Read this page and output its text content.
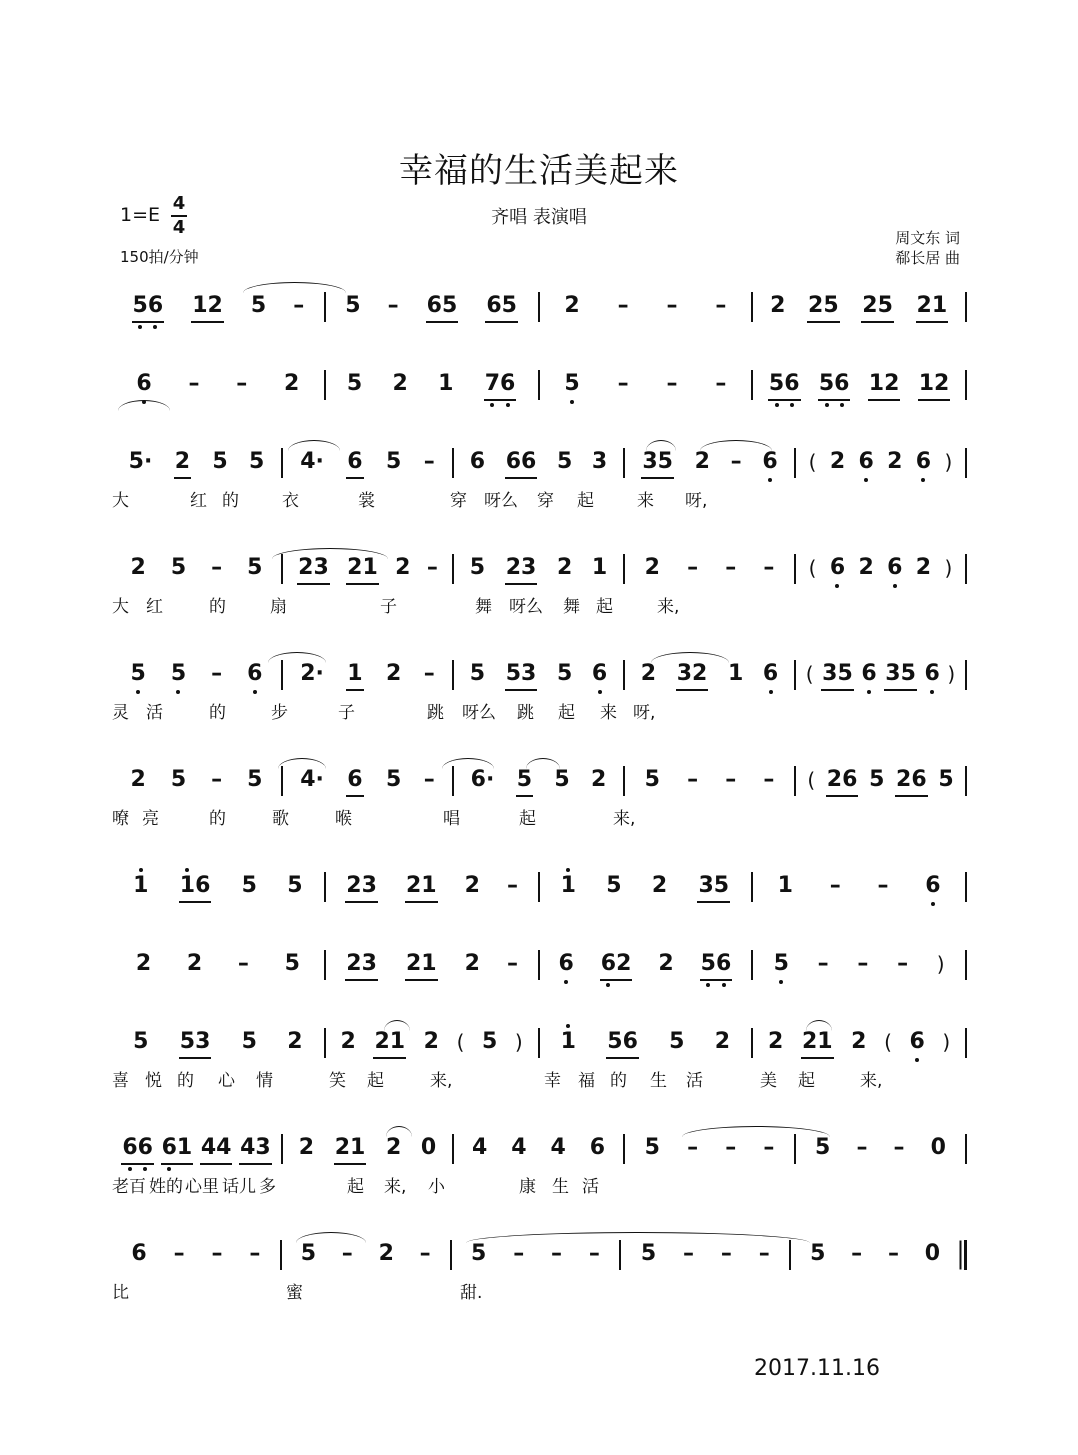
幸福的生活美起来
齐唱 表演唱
1=E
4
4
150拍/分钟
周文东 词
郗长居 曲
5 6 1 2 5 – 5 – 6 5 6 5 2 – – – 2 2 5 2 5 2 1
6 – – 2 5 2 1 7 6 5 – – – 5 6 5 6 1 2 1 2
5· 2 5 5 4· 6 5 – 6 6 6 5 3 3 5 2 – 6 ( 2 6 2 6 )
大	红 的	衣	裳	穿 呀么 穿 起	来 呀,
2 5 – 5 2 3 2 1 2 – 5 2 3 2 1 2 – – – ( 6 2 6 2 )
大 红	的	扇	子	舞 呀么 舞 起	来,
5 5 – 6 2· 1 2 – 5 5 3 5 6 2 3 2 1 6 ( 3 5 6 3 5 6 )
灵 活	的	步	子	跳 呀么 跳 起 来 呀,
2 5 – 5 4· 6 5 – 6· 5 5 2 5 – – – ( 2 6 5 2 6 5
嘹 亮	的	歌	喉	唱	起	来,
1 1 6 5 5 2 3 2 1 2 – 1 5 2 3 5 1 – – 6
2 2 – 5 2 3 2 1 2 – 6 6 2 2 5 6 5 – – – )
5 5 3 5 2 2 2 1 2 ( 5 ) 1 5 6 5 2 2 2 1 2 ( 6 )
喜 悦 的 心 情	笑 起	来,	幸 福 的 生 活	美 起	来,
6 6 6 1 4 4 4 3 2 2 1 2 0 4 4 4 6 5 – – – 5 – – 0
老百 姓的 心里 话儿 多	起 来, 小	康 生 活
6 – – – 5 – 2 – 5 – – – 5 – – – 5 – – 0
比	蜜	甜.
2017.11.16
